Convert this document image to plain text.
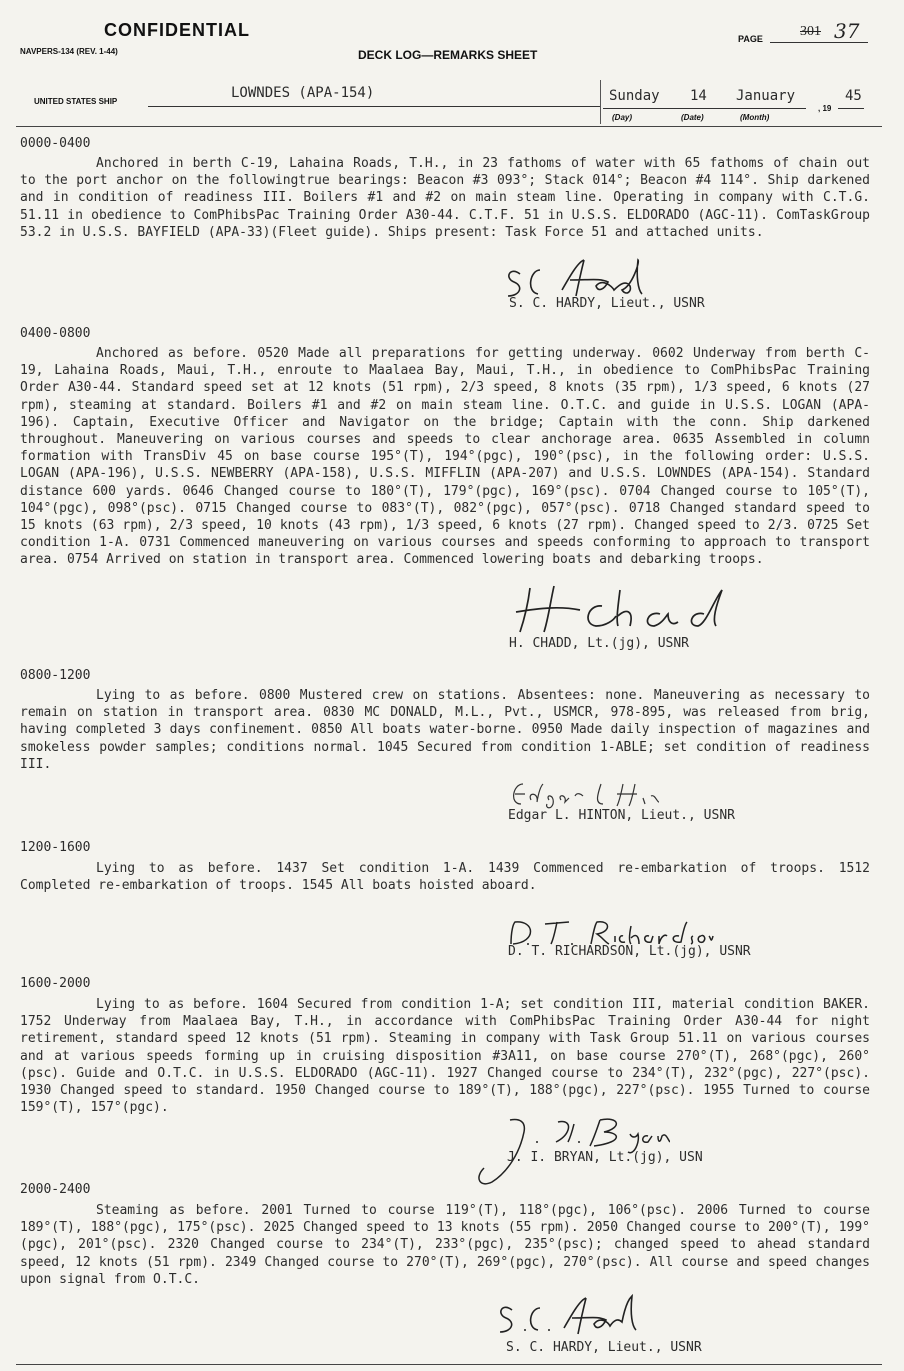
CONFIDENTIAL
NAVPERS-134 (REV. 1-44)	DECK LOG—REMARKS SHEET
PAGE	301 37
UNITED STATES SHIP
LOWNDES (APA-154)	Sunday 14 January
, 19
45
(Day)	(Date)	(Month)
0000-0400

Anchored in berth C-19, Lahaina Roads, T.H., in 23 fathoms of water with 65 fathoms of chain out to the port anchor on the followingtrue bearings: Beacon #3 093°; Stack 014°; Beacon #4 114°. Ship darkened and in condition of readiness III. Boilers #1 and #2 on main steam line. Operating in company with C.T.G. 51.11 in obedience to ComPhibsPac Training Order A30-44. C.T.F. 51 in U.S.S. ELDORADO (AGC-11). ComTaskGroup 53.2 in U.S.S. BAYFIELD (APA-33)(Fleet guide). Ships present: Task Force 51 and attached units.

S. C. HARDY, Lieut., USNR
0400-0800

Anchored as before. 0520 Made all preparations for getting underway. 0602 Underway from berth C-19, Lahaina Roads, Maui, T.H., enroute to Maalaea Bay, Maui, T.H., in obedience to ComPhibsPac Training Order A30-44. Standard speed set at 12 knots (51 rpm), 2/3 speed, 8 knots (35 rpm), 1/3 speed, 6 knots (27 rpm), steaming at standard. Boilers #1 and #2 on main steam line. O.T.C. and guide in U.S.S. LOGAN (APA-196). Captain, Executive Officer and Navigator on the bridge; Captain with the conn. Ship darkened throughout. Maneuvering on various courses and speeds to clear anchorage area. 0635 Assembled in column formation with TransDiv 45 on base course 195°(T), 194°(pgc), 190°(psc), in the following order: U.S.S. LOGAN (APA-196), U.S.S. NEWBERRY (APA-158), U.S.S. MIFFLIN (APA-207) and U.S.S. LOWNDES (APA-154). Standard distance 600 yards. 0646 Changed course to 180°(T), 179°(pgc), 169°(psc). 0704 Changed course to 105°(T), 104°(pgc), 098°(psc). 0715 Changed course to 083°(T), 082°(pgc), 057°(psc). 0718 Changed standard speed to 15 knots (63 rpm), 2/3 speed, 10 knots (43 rpm), 1/3 speed, 6 knots (27 rpm). Changed speed to 2/3. 0725 Set condition 1-A. 0731 Commenced maneuvering on various courses and speeds conforming to approach to transport area. 0754 Arrived on station in transport area. Commenced lowering boats and debarking troops.

H. CHADD, Lt.(jg), USNR
0800-1200

Lying to as before. 0800 Mustered crew on stations. Absentees: none. Maneuvering as necessary to remain on station in transport area. 0830 MC DONALD, M.L., Pvt., USMCR, 978-895, was released from brig, having completed 3 days confinement. 0850 All boats water-borne. 0950 Made daily inspection of magazines and smokeless powder samples; conditions normal. 1045 Secured from condition 1-ABLE; set condition of readiness III.

Edgar L. HINTON, Lieut., USNR
1200-1600

Lying to as before. 1437 Set condition 1-A. 1439 Commenced re-embarkation of troops. 1512 Completed re-embarkation of troops. 1545 All boats hoisted aboard.

D. T. RICHARDSON, Lt.(jg), USNR
1600-2000

Lying to as before. 1604 Secured from condition 1-A; set condition III, material condition BAKER. 1752 Underway from Maalaea Bay, T.H., in accordance with ComPhibsPac Training Order A30-44 for night retirement, standard speed 12 knots (51 rpm). Steaming in company with Task Group 51.11 on various courses and at various speeds forming up in cruising disposition #3A11, on base course 270°(T), 268°(pgc), 260°(psc). Guide and O.T.C. in U.S.S. ELDORADO (AGC-11). 1927 Changed course to 234°(T), 232°(pgc), 227°(psc). 1930 Changed speed to standard. 1950 Changed course to 189°(T), 188°(pgc), 227°(psc). 1955 Turned to course 159°(T), 157°(pgc).

J. I. BRYAN, Lt.(jg), USN
2000-2400

Steaming as before. 2001 Turned to course 119°(T), 118°(pgc), 106°(psc). 2006 Turned to course 189°(T), 188°(pgc), 175°(psc). 2025 Changed speed to 13 knots (55 rpm). 2050 Changed course to 200°(T), 199°(pgc), 201°(psc). 2320 Changed course to 234°(T), 233°(pgc), 235°(psc); changed speed to ahead standard speed, 12 knots (51 rpm). 2349 Changed course to 270°(T), 269°(pgc), 270°(psc). All course and speed changes upon signal from O.T.C.

S. C. HARDY, Lieut., USNR
